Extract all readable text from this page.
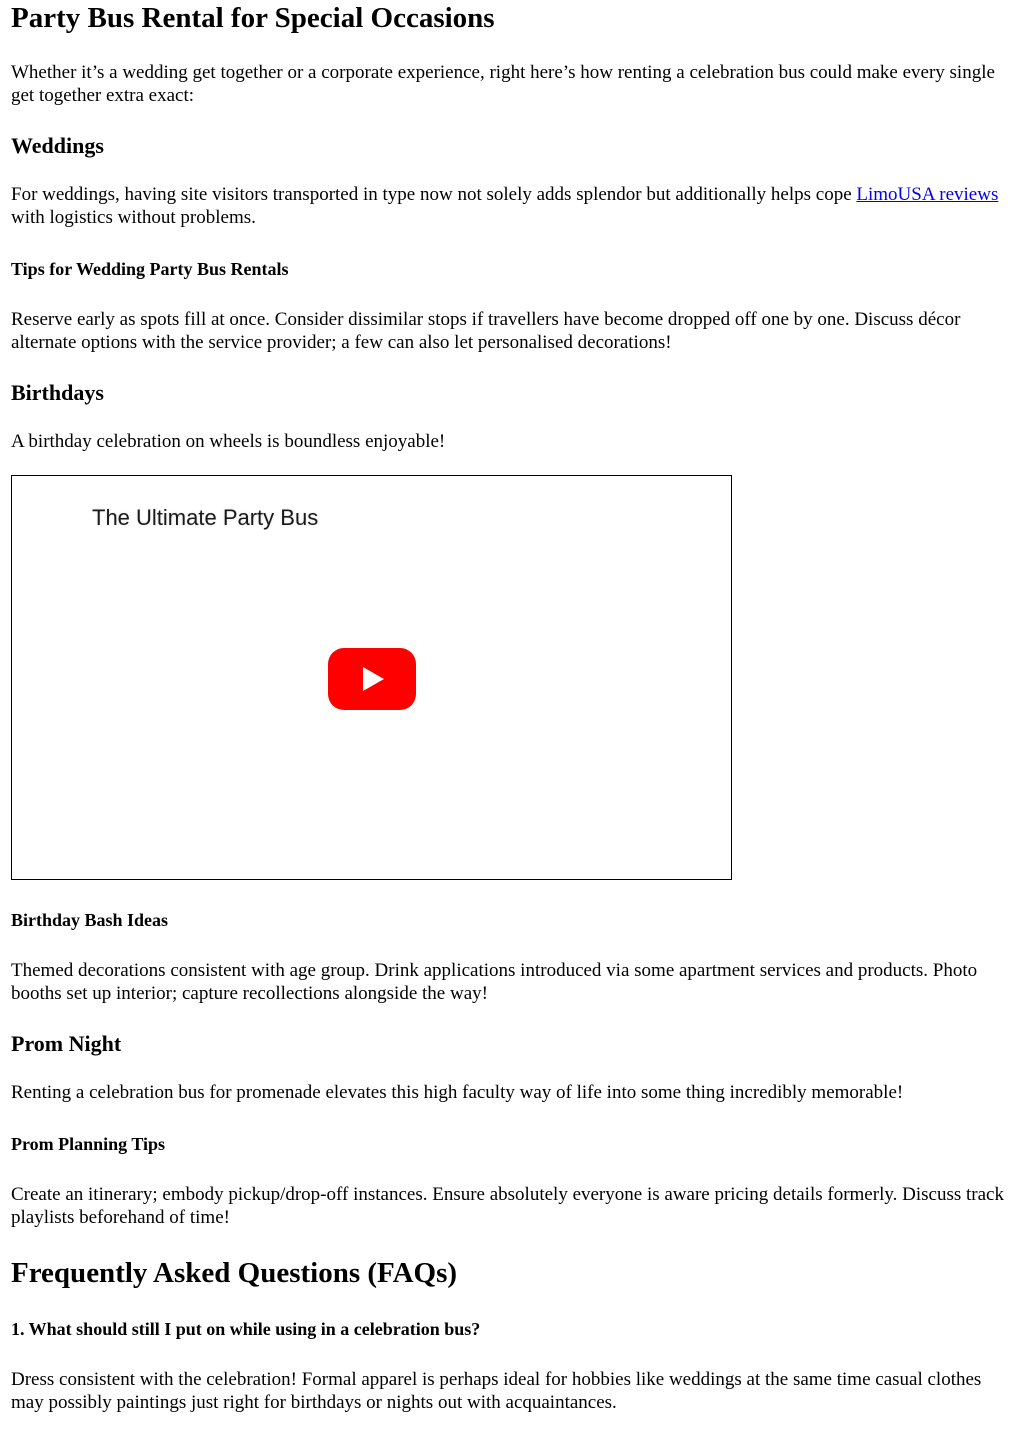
Party Bus Rental for Special Occasions

Whether it’s a wedding get together or a corporate experience, right here’s how renting a celebration bus could make every single get together extra exact:

Weddings

For weddings, having site visitors transported in type now not solely adds splendor but additionally helps cope LimoUSA reviews with logistics without problems.

Tips for Wedding Party Bus Rentals

Reserve early as spots fill at once. Consider dissimilar stops if travellers have become dropped off one by one. Discuss décor alternate options with the service provider; a few can also let personalised decorations!

Birthdays

A birthday celebration on wheels is boundless enjoyable!

The Ultimate Party Bus
Birthday Bash Ideas

Themed decorations consistent with age group. Drink applications introduced via some apartment services and products. Photo booths set up interior; capture recollections alongside the way!

Prom Night

Renting a celebration bus for promenade elevates this high faculty way of life into some thing incredibly memorable!

Prom Planning Tips

Create an itinerary; embody pickup/drop-off instances. Ensure absolutely everyone is aware pricing details formerly. Discuss track playlists beforehand of time!

Frequently Asked Questions (FAQs)
1. What should still I put on while using in a celebration bus?

Dress consistent with the celebration! Formal apparel is perhaps ideal for hobbies like weddings at the same time casual clothes may possibly paintings just right for birthdays or nights out with acquaintances.
